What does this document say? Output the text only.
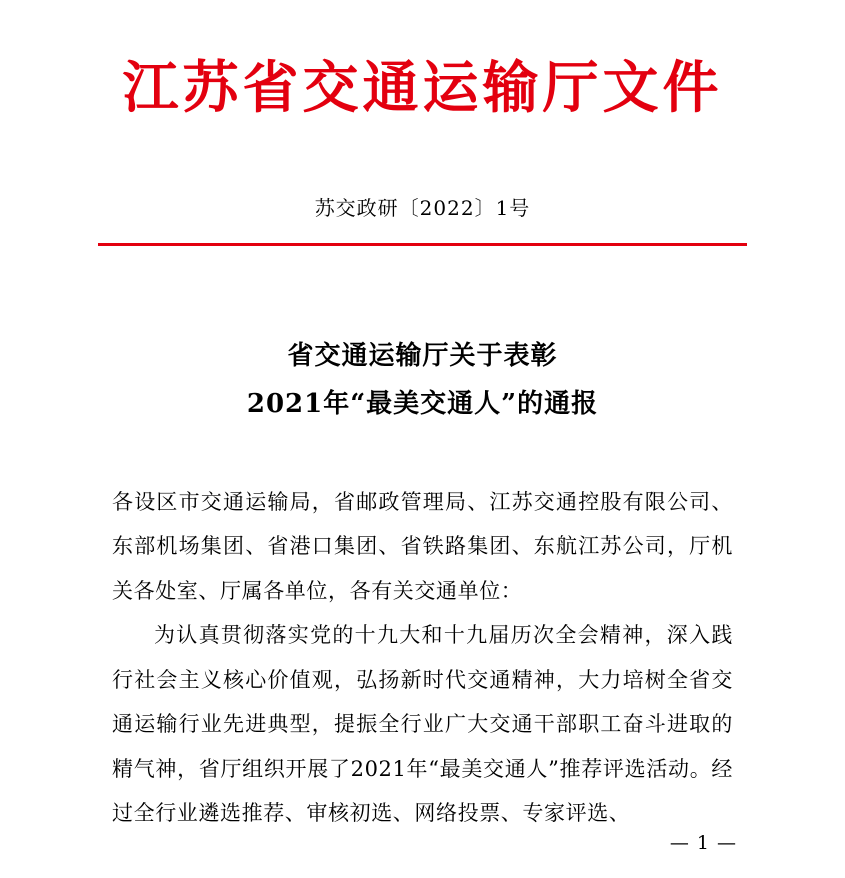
江苏省交通运输厅文件
苏交政研〔2022〕1号
省交通运输厅关于表彰
2021年“最美交通人”的通报

各设区市交通运输局，省邮政管理局、江苏交通控股有限公司、东部机场集团、省港口集团、省铁路集团、东航江苏公司，厅机关各处室、厅属各单位，各有关交通单位：

为认真贯彻落实党的十九大和十九届历次全会精神，深入践行社会主义核心价值观，弘扬新时代交通精神，大力培树全省交通运输行业先进典型，提振全行业广大交通干部职工奋斗进取的精气神，省厅组织开展了2021年“最美交通人”推荐评选活动。经过全行业遴选推荐、审核初选、网络投票、专家评选、

— 1 —
